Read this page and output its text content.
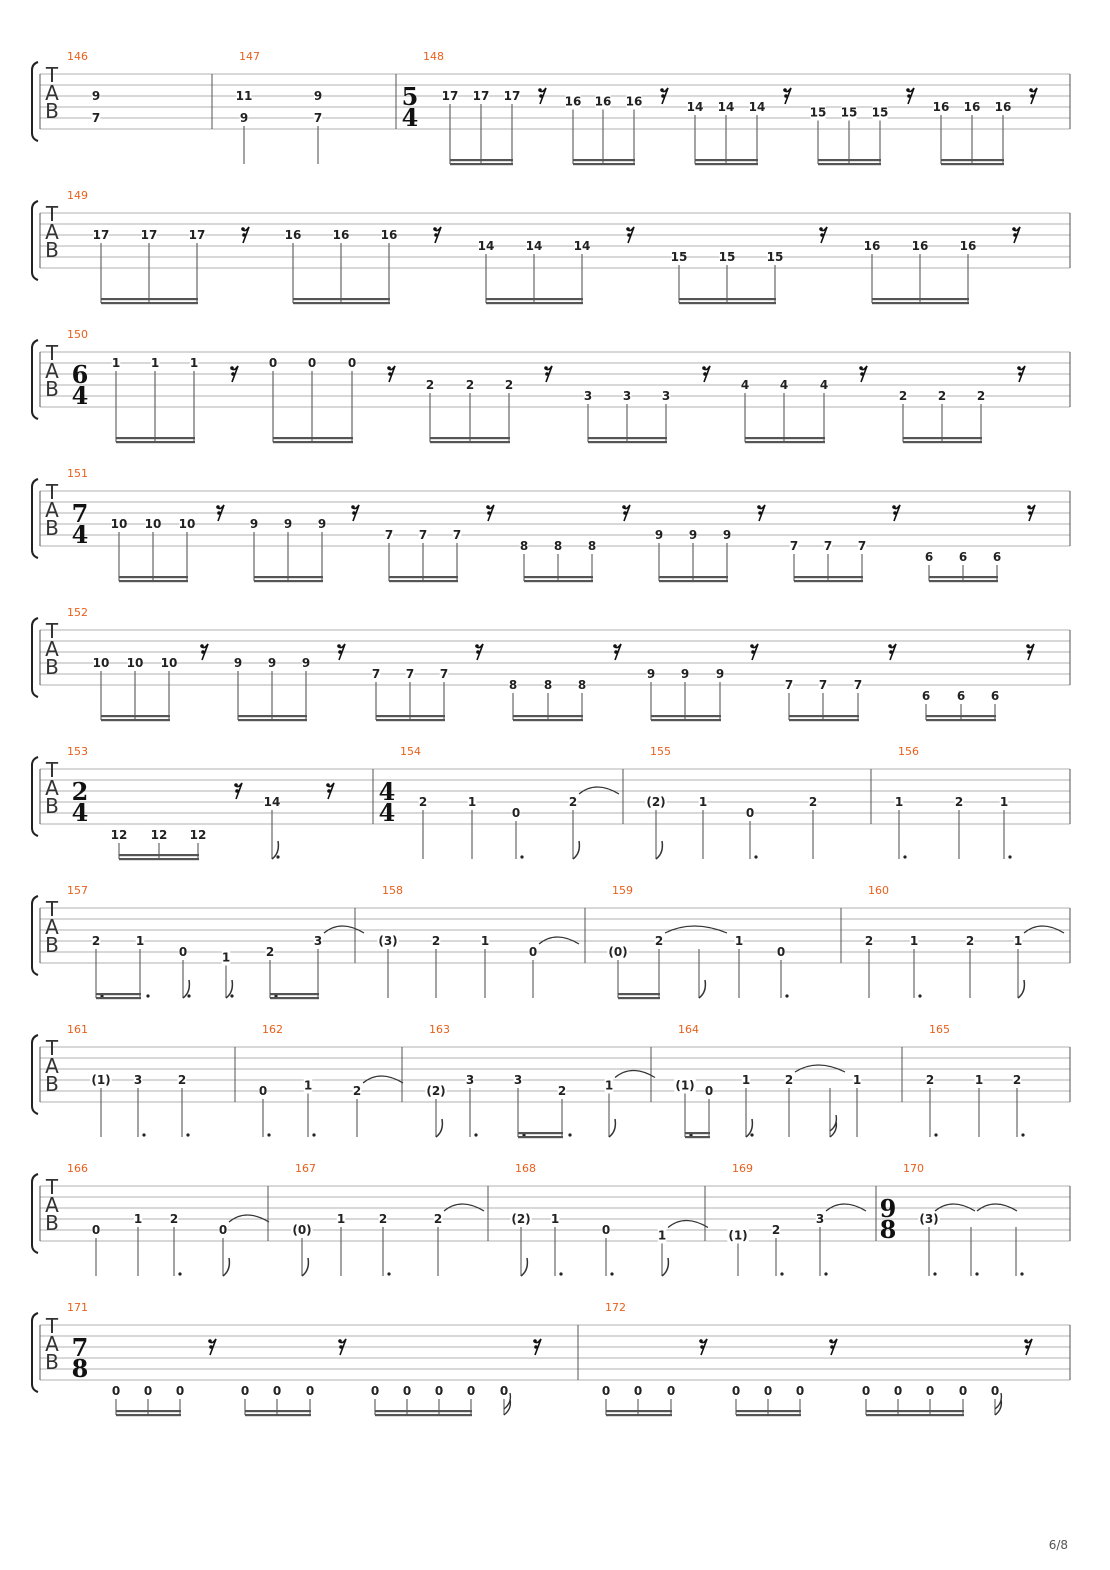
T
A
B
146
9
7
147
11
9
9
7
148
5
4
17 17 17	16 16 16	14 14 14	15 15 15	16 16 16
T
A
B
149
17	17	17	16	16	16
14	14	14
15	15	15
16	16	16
T
A
B
150
6
4
1	1	1	0	0	0
2	2	2
3	3	3
4	4	4
2	2	2
T
A
B
151
7
4 10 10 10	9 9 9
7 7 7
8 8 8
9 9 9
7 7 7
6 6 6
T
A
B
152
10 10 10	9 9 9
7 7 7
8 8 8
9 9 9
7 7 7
6 6 6
T
A
B
153
2
4
12 12 12
14
154
4
4 2	1
0
2
155
(2)	1
0
2
156
1	2	1
T
A
B
157
2	1
0	1	2
3
158
(3)	2	1
0
159
(0)
2	1
0
160
2	1	2	1
T
A
B
161
(1) 3	2
162
0	1	2
163
(2)
3	3
2	1
164
(1) 0
1	2	1
165
2	1 2
T
A
B
166
0
1 2
0
167
(0)
1	2	2
168
(2) 1
0	1
169
(1) 2
3
170
9
8 (3)
T
A
B
171
7
8
0 0 0	0 0 0	0 0 0 0 0
172
0 0 0	0 0 0	0 0 0 0 0
6/8
